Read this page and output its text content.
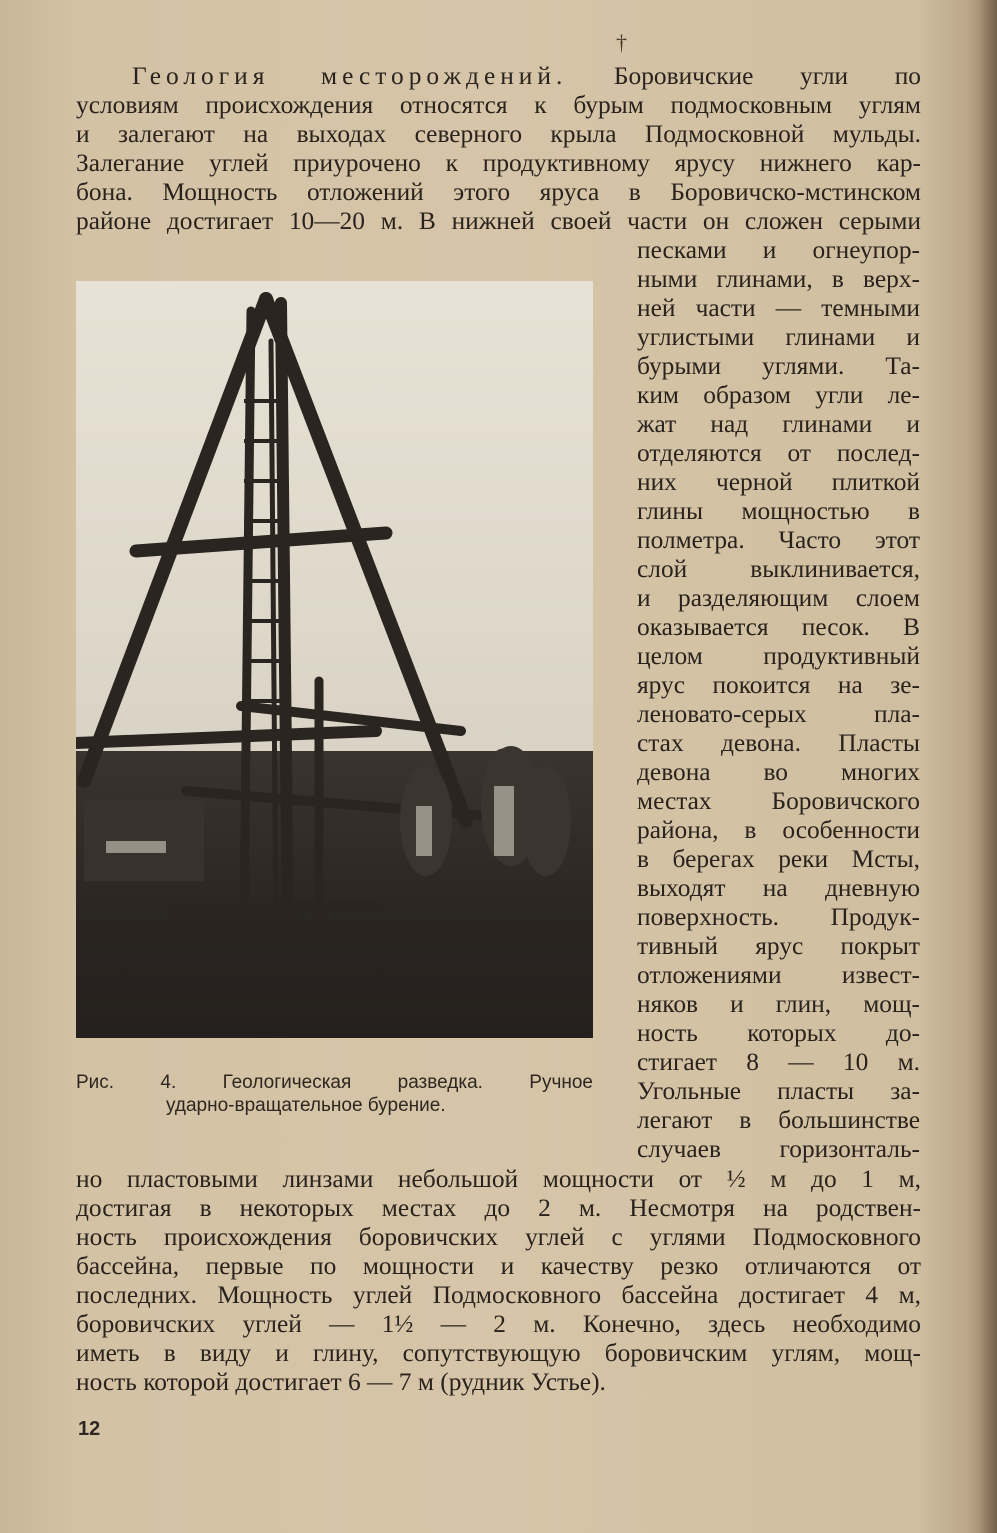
†
Геология месторождений. Боровичские угли по
условиям происхождения относятся к бурым подмосковным углям
и залегают на выходах северного крыла Подмосковной мульды.
Залегание углей приурочено к продуктивному ярусу нижнего кар-
бона. Мощность отложений этого яруса в Боровичско-мстинском
районе достигает 10—20 м. В нижней своей части он сложен серыми
Рис. 4. Геологическая разведка. Ручное
ударно-вращательное бурение.
песками и огнеупор-
ными глинами, в верх-
ней части — темными
углистыми глинами и
бурыми углями. Та-
ким образом угли ле-
жат над глинами и
отделяются от послед-
них черной плиткой
глины мощностью в
полметра. Часто этот
слой выклинивается,
и разделяющим слоем
оказывается песок. В
целом продуктивный
ярус покоится на зе-
леновато-серых пла-
стах девона. Пласты
девона во многих
местах Боровичского
района, в особенности
в берегах реки Мсты,
выходят на дневную
поверхность. Продук-
тивный ярус покрыт
отложениями извест-
няков и глин, мощ-
ность которых до-
стигает 8 — 10 м.
Угольные пласты за-
легают в большинстве
случаев горизонталь-
но пластовыми линзами небольшой мощности от ½ м до 1 м,
достигая в некоторых местах до 2 м. Несмотря на родствен-
ность происхождения боровичских углей с углями Подмосковного
бассейна, первые по мощности и качеству резко отличаются от
последних. Мощность углей Подмосковного бассейна достигает 4 м,
боровичских углей — 1½ — 2 м. Конечно, здесь необходимо
иметь в виду и глину, сопутствующую боровичским углям, мощ-
ность которой достигает 6 — 7 м (рудник Устье).
12
